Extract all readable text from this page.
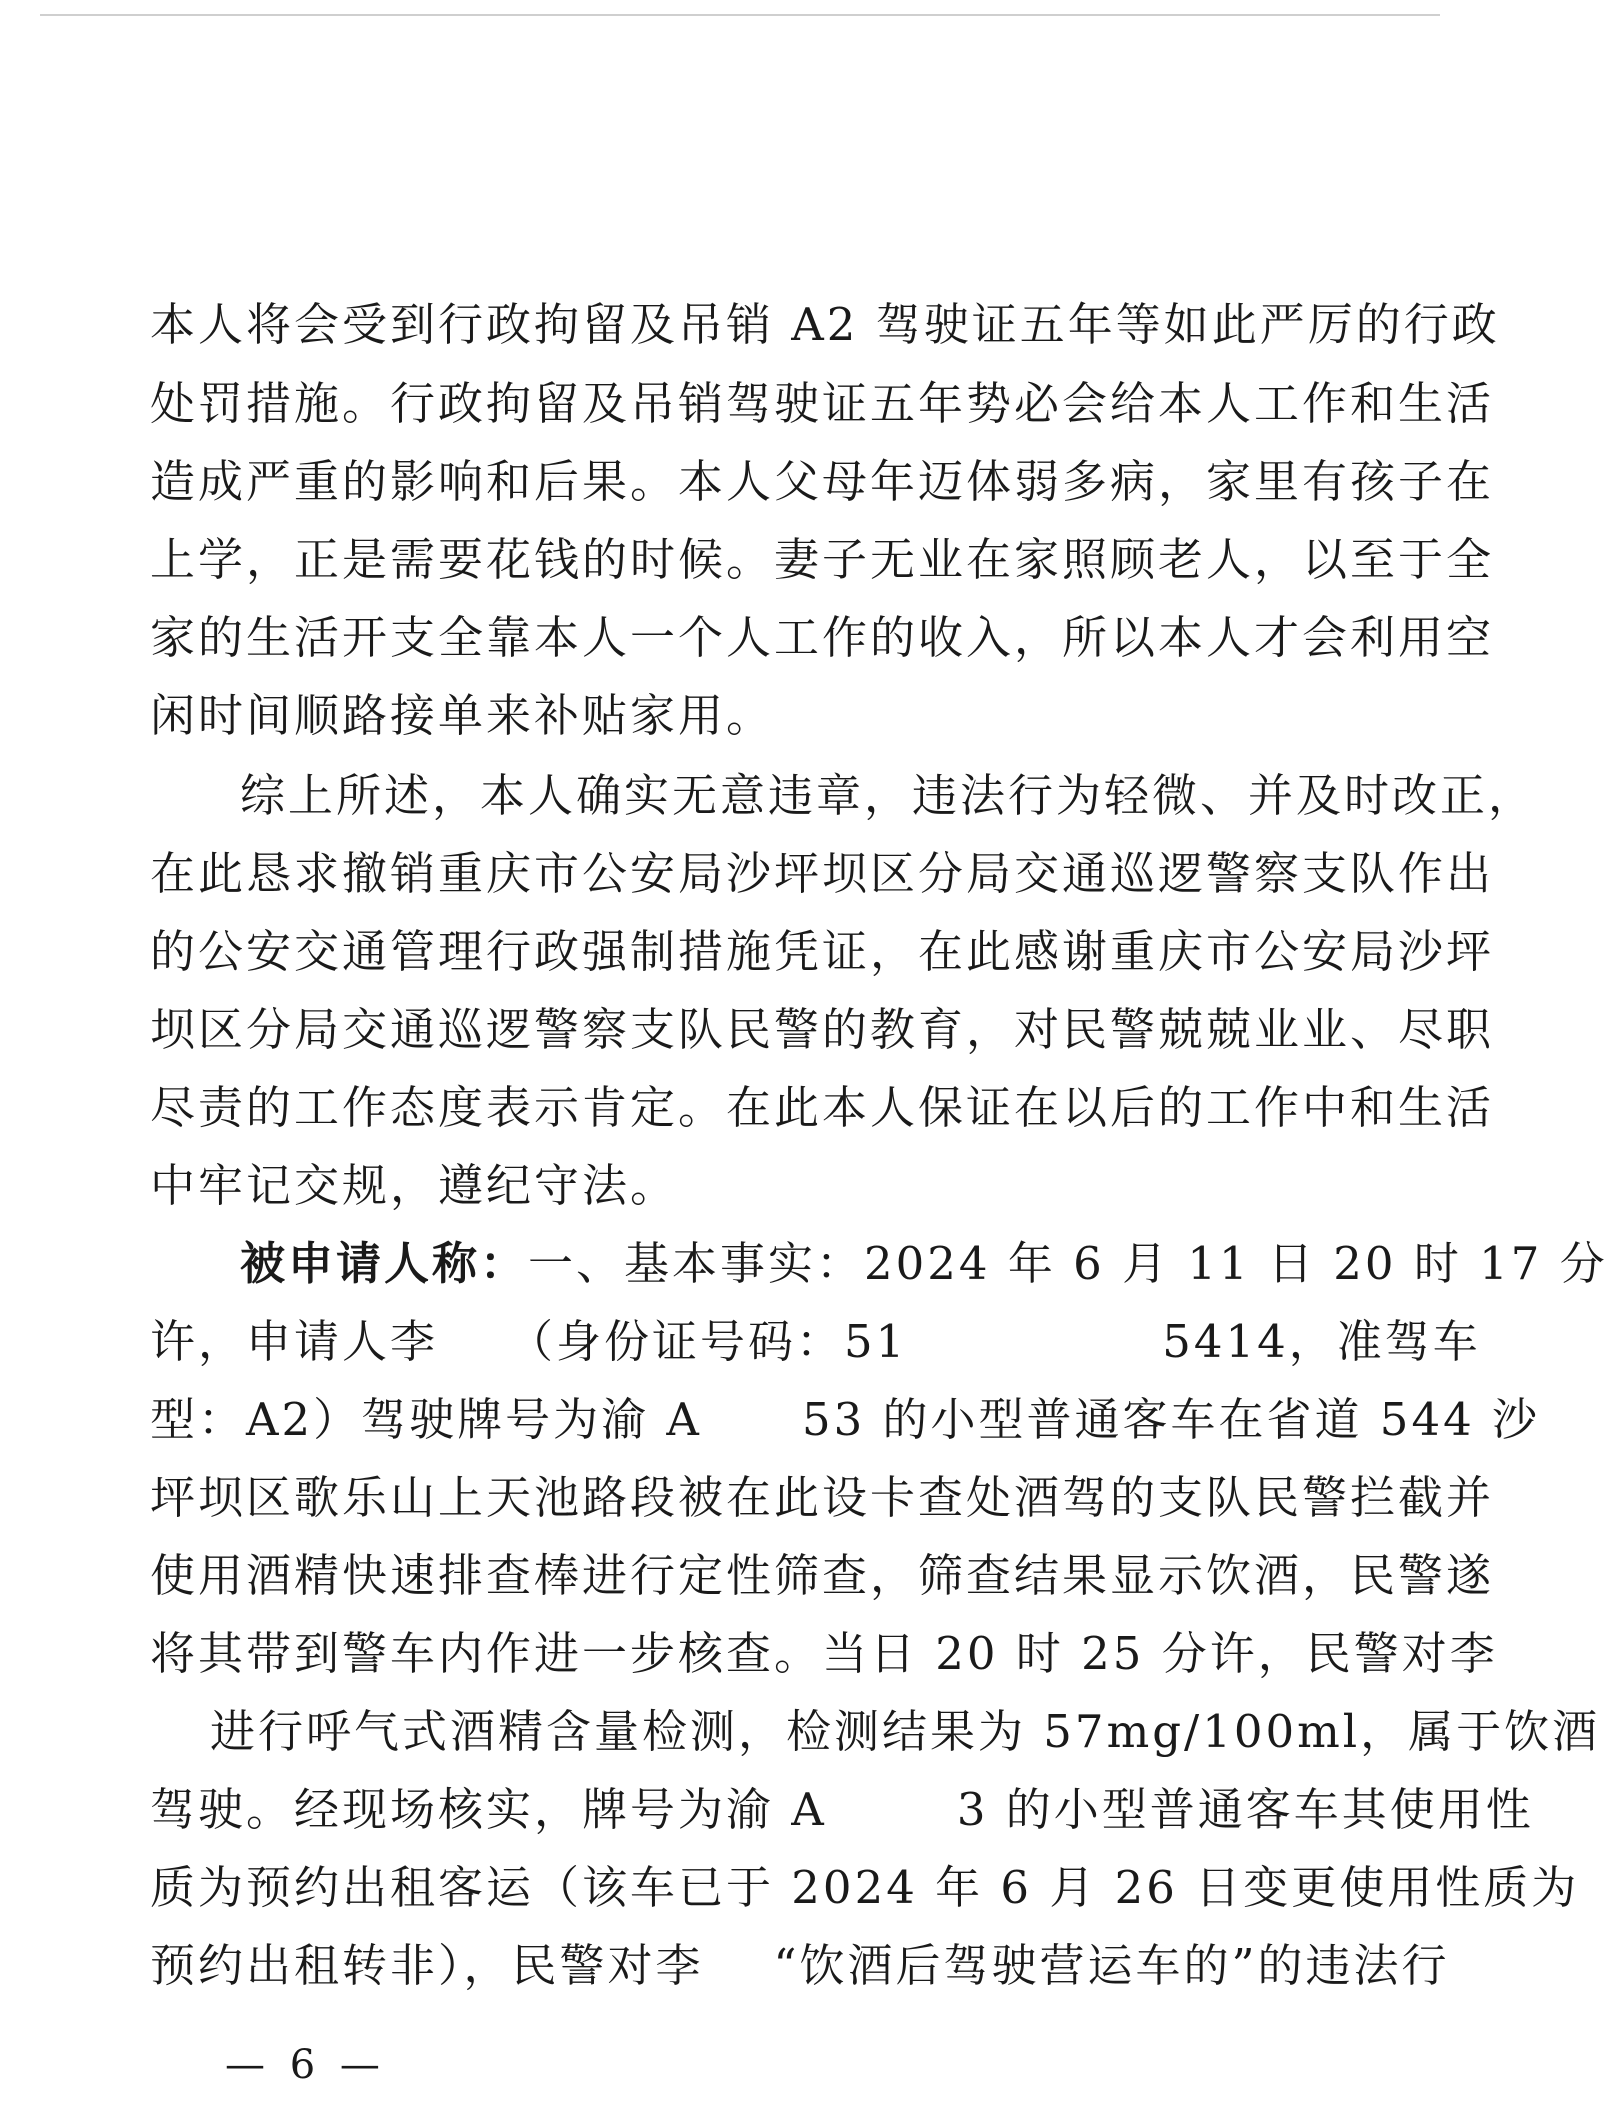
本人将会受到行政拘留及吊销 A2 驾驶证五年等如此严厉的行政
处罚措施。行政拘留及吊销驾驶证五年势必会给本人工作和生活
造成严重的影响和后果。本人父母年迈体弱多病，家里有孩子在
上学，正是需要花钱的时候。妻子无业在家照顾老人，以至于全
家的生活开支全靠本人一个人工作的收入，所以本人才会利用空
闲时间顺路接单来补贴家用。
综上所述，本人确实无意违章，违法行为轻微、并及时改正，
在此恳求撤销重庆市公安局沙坪坝区分局交通巡逻警察支队作出
的公安交通管理行政强制措施凭证，在此感谢重庆市公安局沙坪
坝区分局交通巡逻警察支队民警的教育，对民警兢兢业业、尽职
尽责的工作态度表示肯定。在此本人保证在以后的工作中和生活
中牢记交规，遵纪守法。
被申请人称：一、基本事实：2024 年 6 月 11 日 20 时 17 分
许，申请人李 （身份证号码：51	5414，准驾车
型：A2）驾驶牌号为渝 A 53 的小型普通客车在省道 544 沙
坪坝区歌乐山上天池路段被在此设卡查处酒驾的支队民警拦截并
使用酒精快速排查棒进行定性筛查，筛查结果显示饮酒，民警遂
将其带到警车内作进一步核查。当日 20 时 25 分许，民警对李
进行呼气式酒精含量检测，检测结果为 57mg/100ml，属于饮酒
驾驶。经现场核实，牌号为渝 A	3 的小型普通客车其使用性
质为预约出租客运（该车已于 2024 年 6 月 26 日变更使用性质为
预约出租转非），民警对李 “饮酒后驾驶营运车的”的违法行
— 6 —
